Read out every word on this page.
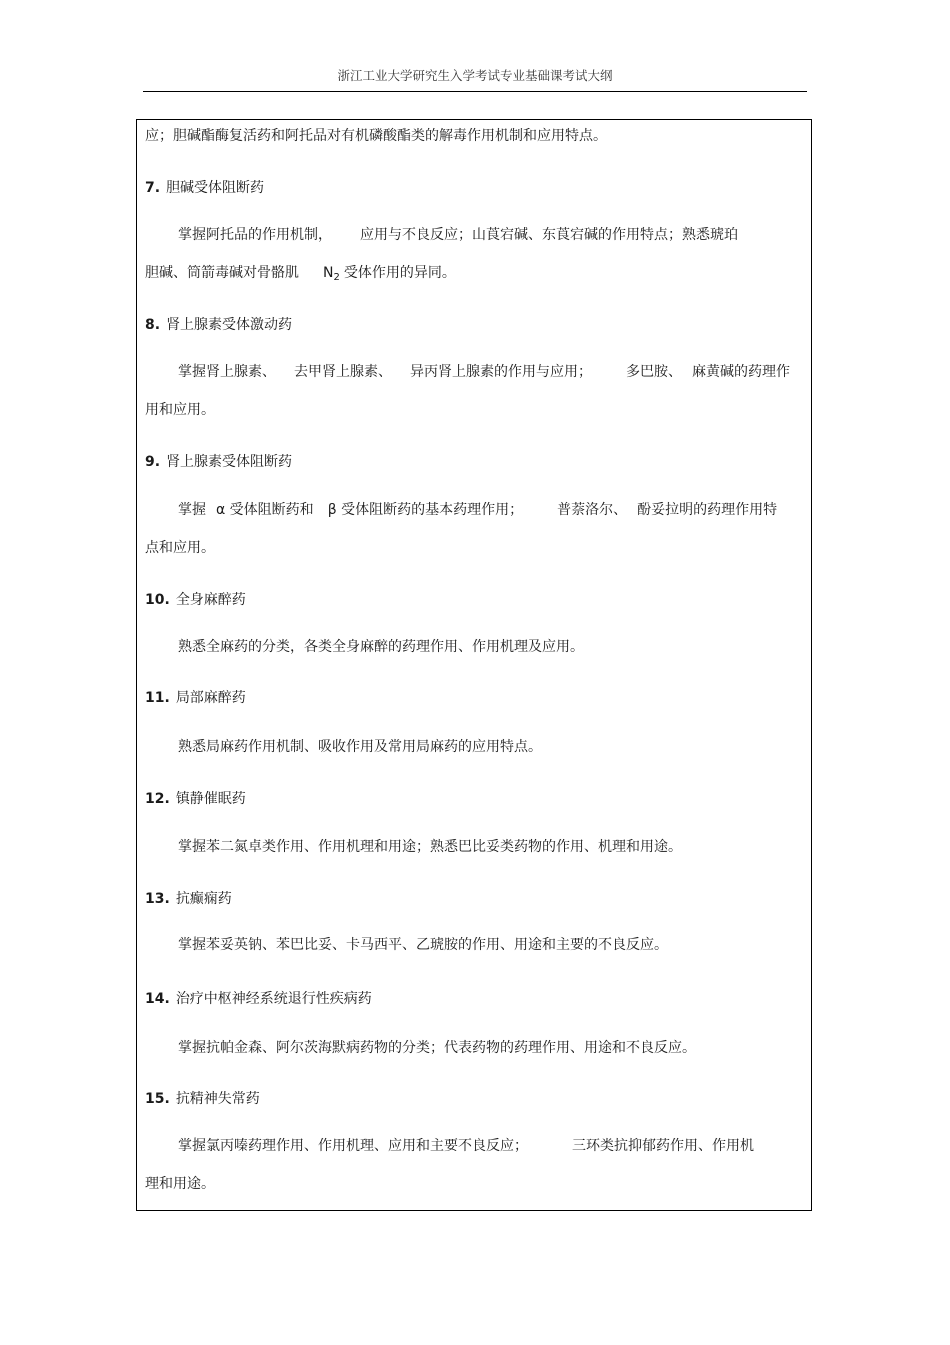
浙江工业大学研究生入学考试专业基础课考试大纲
应；胆碱酯酶复活药和阿托品对有机磷酸酯类的解毒作用机制和应用特点。
7. 胆碱受体阻断药
掌握阿托品的作用机制， 应用与不良反应；山莨宕碱、东莨宕碱的作用特点；熟悉琥珀
胆碱、筒箭毒碱对骨骼肌 $N_2$ 受体作用的异同。
8. 肾上腺素受体激动药
掌握肾上腺素、 去甲肾上腺素、 异丙肾上腺素的作用与应用； 多巴胺、 麻黄碱的药理作
用和应用。
9. 肾上腺素受体阻断药
掌握 α 受体阻断药和 β 受体阻断药的基本药理作用； 普萘洛尔、 酚妥拉明的药理作用特
点和应用。
10. 全身麻醉药
熟悉全麻药的分类，各类全身麻醉的药理作用、作用机理及应用。
11. 局部麻醉药
熟悉局麻药作用机制、吸收作用及常用局麻药的应用特点。
12. 镇静催眠药
掌握苯二氮卓类作用、作用机理和用途；熟悉巴比妥类药物的作用、机理和用途。
13. 抗癫痫药
掌握苯妥英钠、苯巴比妥、卡马西平、乙琥胺的作用、用途和主要的不良反应。
14. 治疗中枢神经系统退行性疾病药
掌握抗帕金森、阿尔茨海默病药物的分类；代表药物的药理作用、用途和不良反应。
15. 抗精神失常药
掌握氯丙嗪药理作用、作用机理、应用和主要不良反应；	三环类抗抑郁药作用、作用机
理和用途。
